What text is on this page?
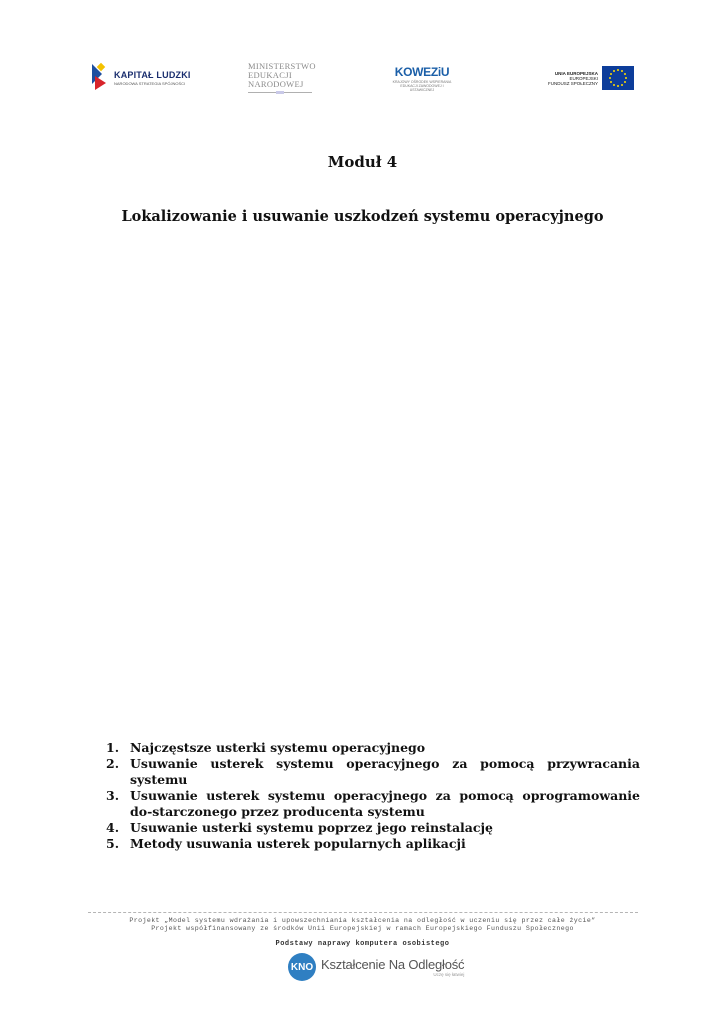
KAPITAŁ LUDZKI
NARODOWA STRATEGIA SPÓJNOŚCI
MINISTERSTWO
EDUKACJI
NARODOWEJ
KOWEZiU
KRAJOWY OŚRODEK WSPIERANIA EDUKACJI ZAWODOWEJ I USTAWICZNEJ
UNIA EUROPEJSKA
EUROPEJSKI
FUNDUSZ SPOŁECZNY
Moduł 4
Lokalizowanie i usuwanie uszkodzeń systemu operacyjnego
1. Najczęstsze usterki systemu operacyjnego
2. Usuwanie usterek systemu operacyjnego za pomocą przywracania systemu
3. Usuwanie usterek systemu operacyjnego za pomocą oprogramowanie do-starczonego przez producenta systemu
4. Usuwanie usterki systemu poprzez jego reinstalację
5. Metody usuwania usterek popularnych aplikacji
Projekt „Model systemu wdrażania i upowszechniania kształcenia na odległość w uczeniu się przez całe życie”
Projekt współfinansowany ze środków Unii Europejskiej w ramach Europejskiego Funduszu Społecznego
Podstawy naprawy komputera osobistego
KNO Kształcenie Na Odległość
Uczę się łatwiej
